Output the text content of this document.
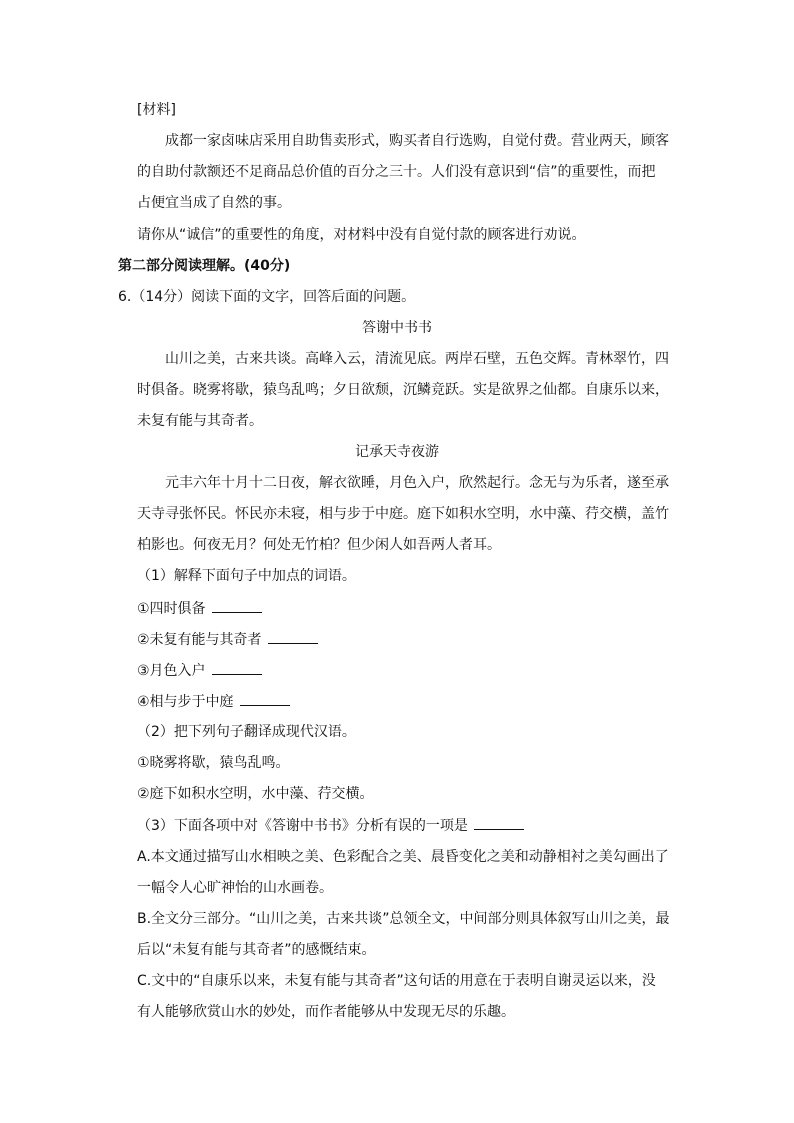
[材料]
成都一家卤味店采用自助售卖形式，购买者自行选购，自觉付费。营业两天，顾客
的自助付款额还不足商品总价值的百分之三十。人们没有意识到“信”的重要性，而把
占便宜当成了自然的事。
请你从“诚信”的重要性的角度，对材料中没有自觉付款的顾客进行劝说。
第二部分阅读理解。(40分)
6.（14分）阅读下面的文字，回答后面的问题。
答谢中书书
山川之美，古来共谈。高峰入云，清流见底。两岸石壁，五色交辉。青林翠竹，四
时俱备。晓雾将歇，猿鸟乱鸣；夕日欲颓，沉鳞竞跃。实是欲界之仙都。自康乐以来，
未复有能与其奇者。
记承天寺夜游
元丰六年十月十二日夜，解衣欲睡，月色入户，欣然起行。念无与为乐者，遂至承
天寺寻张怀民。怀民亦未寝，相与步于中庭。庭下如积水空明，水中藻、荇交横，盖竹
柏影也。何夜无月？何处无竹柏？但少闲人如吾两人者耳。
（1）解释下面句子中加点的词语。
①四时俱备
②未复有能与其奇者
③月色入户
④相与步于中庭
（2）把下列句子翻译成现代汉语。
①晓雾将歇，猿鸟乱鸣。
②庭下如积水空明，水中藻、荇交横。
（3）下面各项中对《答谢中书书》分析有误的一项是
A.本文通过描写山水相映之美、色彩配合之美、晨昏变化之美和动静相衬之美勾画出了
一幅令人心旷神怡的山水画卷。
B.全文分三部分。“山川之美，古来共谈”总领全文，中间部分则具体叙写山川之美，最
后以“未复有能与其奇者”的感慨结束。
C.文中的“自康乐以来，未复有能与其奇者”这句话的用意在于表明自谢灵运以来，没
有人能够欣赏山水的妙处，而作者能够从中发现无尽的乐趣。
